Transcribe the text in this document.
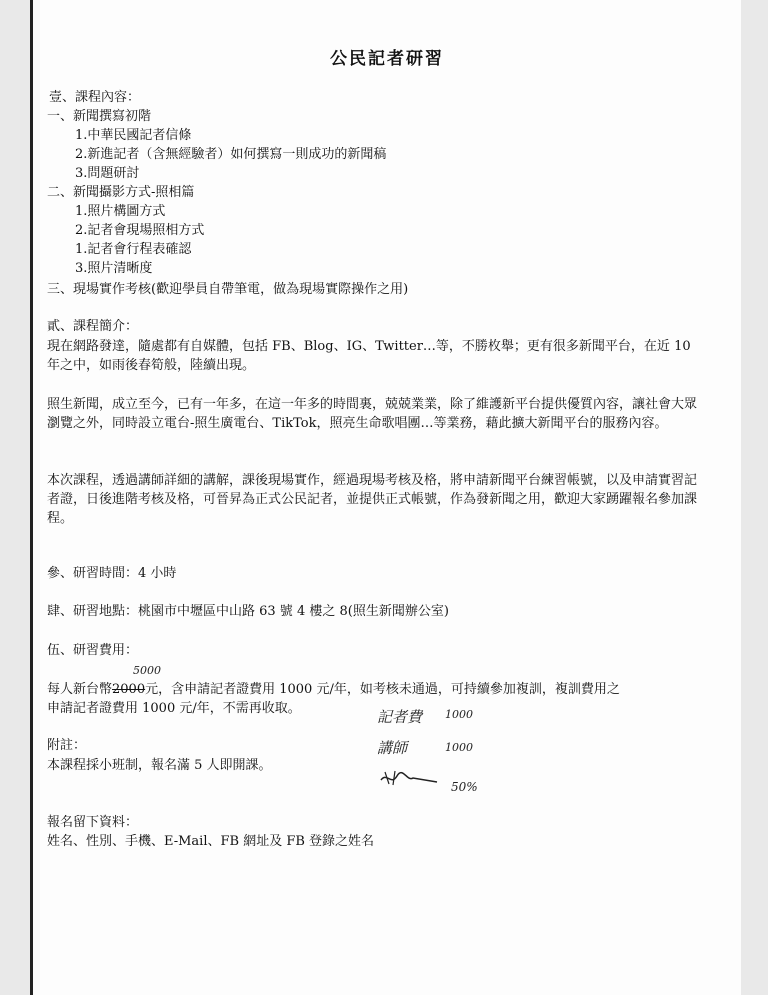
公民記者研習
壹、課程內容：
一、新聞撰寫初階
1.中華民國記者信條
2.新進記者（含無經驗者）如何撰寫一則成功的新聞稿
3.問題研討
二、新聞攝影方式-照相篇
1.照片構圖方式
2.記者會現場照相方式
1.記者會行程表確認
3.照片清晰度
三、現場實作考核(歡迎學員自帶筆電，做為現場實際操作之用)
貳、課程簡介：
現在網路發達，隨處都有自媒體，包括 FB、Blog、IG、Twitter…等，不勝枚舉；更有很多新聞平台，在近 10 年之中，如雨後春筍般，陸續出現。
照生新聞，成立至今，已有一年多，在這一年多的時間裏，兢兢業業，除了維護新平台提供優質內容，讓社會大眾瀏覽之外，同時設立電台-照生廣電台、TikTok，照亮生命歌唱團…等業務，藉此擴大新聞平台的服務內容。
本次課程，透過講師詳細的講解，課後現場實作，經過現場考核及格，將申請新聞平台練習帳號，以及申請實習記者證，日後進階考核及格，可晉昇為正式公民記者，並提供正式帳號，作為發新聞之用，歡迎大家踴躍報名參加課程。
參、研習時間：4 小時
肆、研習地點：桃園市中壢區中山路 63 號 4 樓之 8(照生新聞辦公室)
伍、研習費用：
每人新台幣2000元，含申請記者證費用 1000 元/年，如考核未通過，可持續參加複訓，複訓費用之
申請記者證費用 1000 元/年，不需再收取。
附註：
本課程採小班制，報名滿 5 人即開課。
報名留下資料：
姓名、性別、手機、E-Mail、FB 網址及 FB 登錄之姓名
5000
記者費 1000
講師	1000
50%
